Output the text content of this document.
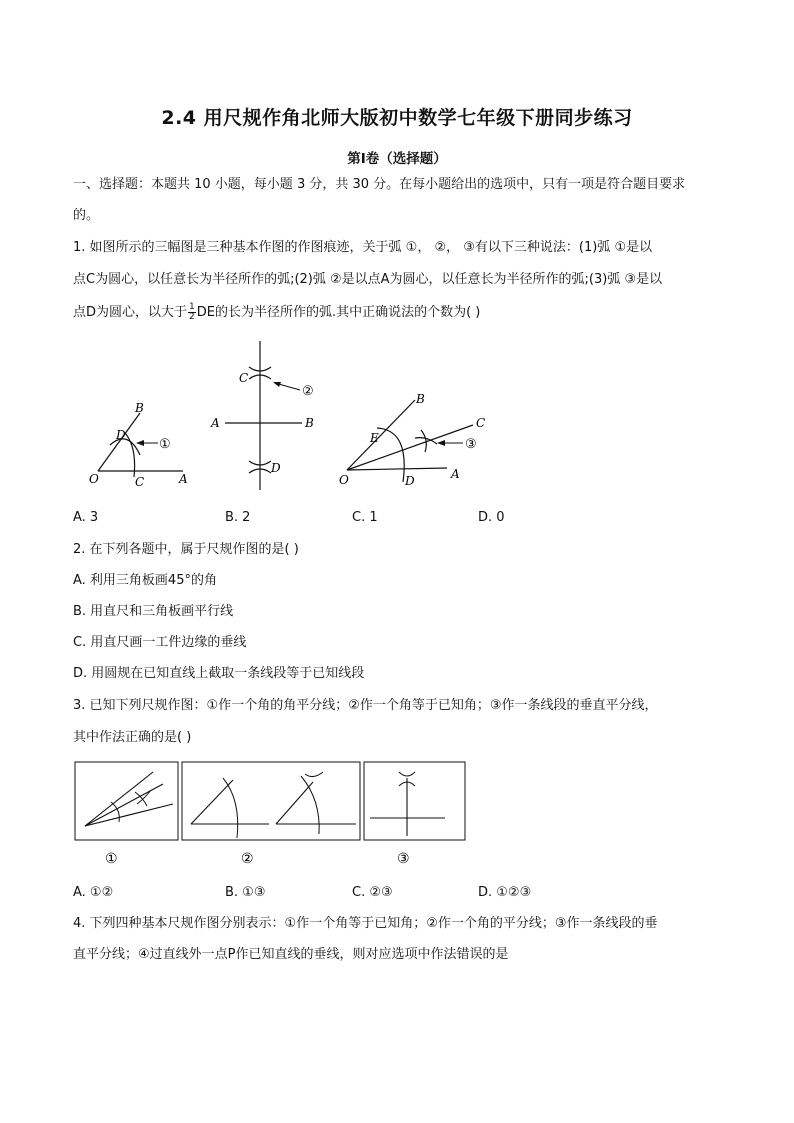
2.4 用尺规作角北师大版初中数学七年级下册同步练习
第I卷（选择题）
一、选择题：本题共 10 小题，每小题 3 分，共 30 分。在每小题给出的选项中，只有一项是符合题目要求
的。
1. 如图所示的三幅图是三种基本作图的作图痕迹，关于弧 ①， ②， ③有以下三种说法：(1)弧 ①是以
点C为圆心，以任意长为半径所作的弧;(2)弧 ②是以点A为圆心，以任意长为半径所作的弧;(3)弧 ③是以
点D为圆心，以大于 $\frac{1}{2}$ DE的长为半径所作的弧.其中正确说法的个数为( )
B
D
O	C	A
①
C
A	B
D
②	B
C
E
O	D	A
③
A. 3	B. 2	C. 1	D. 0
2. 在下列各题中，属于尺规作图的是( )
A. 利用三角板画45°的角
B. 用直尺和三角板画平行线
C. 用直尺画一工件边缘的垂线
D. 用圆规在已知直线上截取一条线段等于已知线段
3. 已知下列尺规作图：①作一个角的角平分线；②作一个角等于已知角；③作一条线段的垂直平分线，
其中作法正确的是( )
①	②	③
A. ①②	B. ①③	C. ②③	D. ①②③
4. 下列四种基本尺规作图分别表示：①作一个角等于已知角；②作一个角的平分线；③作一条线段的垂
直平分线；④过直线外一点P作已知直线的垂线，则对应选项中作法错误的是
